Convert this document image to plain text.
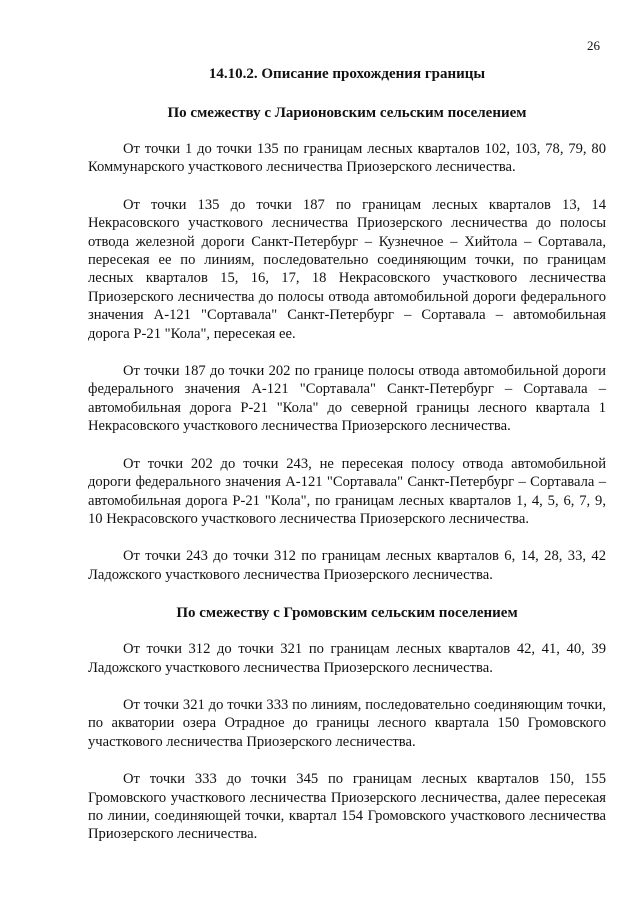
26
14.10.2. Описание прохождения границы
По смежеству с Ларионовским сельским поселением

От точки 1 до точки 135 по границам лесных кварталов 102, 103, 78, 79, 80 Коммунарского участкового лесничества Приозерского лесничества.

От точки 135 до точки 187 по границам лесных кварталов 13, 14 Некрасовского участкового лесничества Приозерского лесничества до полосы отвода железной дороги Санкт-Петербург – Кузнечное – Хийтола – Сортавала, пересекая ее по линиям, последовательно соединяющим точки, по границам лесных кварталов 15, 16, 17, 18 Некрасовского участкового лесничества Приозерского лесничества до полосы отвода автомобильной дороги федерального значения А-121 "Сортавала" Санкт-Петербург – Сортавала – автомобильная дорога Р-21 "Кола", пересекая ее.

От точки 187 до точки 202 по границе полосы отвода автомобильной дороги федерального значения А-121 "Сортавала" Санкт-Петербург – Сортавала – автомобильная дорога Р-21 "Кола" до северной границы лесного квартала 1 Некрасовского участкового лесничества Приозерского лесничества.

От точки 202 до точки 243, не пересекая полосу отвода автомобильной дороги федерального значения А-121 "Сортавала" Санкт-Петербург – Сортавала – автомобильная дорога Р-21 "Кола", по границам лесных кварталов 1, 4, 5, 6, 7, 9, 10 Некрасовского участкового лесничества Приозерского лесничества.

От точки 243 до точки 312 по границам лесных кварталов 6, 14, 28, 33, 42 Ладожского участкового лесничества Приозерского лесничества.

По смежеству с Громовским сельским поселением

От точки 312 до точки 321 по границам лесных кварталов 42, 41, 40, 39 Ладожского участкового лесничества Приозерского лесничества.

От точки 321 до точки 333 по линиям, последовательно соединяющим точки, по акватории озера Отрадное до границы лесного квартала 150 Громовского участкового лесничества Приозерского лесничества.

От точки 333 до точки 345 по границам лесных кварталов 150, 155 Громовского участкового лесничества Приозерского лесничества, далее пересекая по линии, соединяющей точки, квартал 154 Громовского участкового лесничества Приозерского лесничества.
